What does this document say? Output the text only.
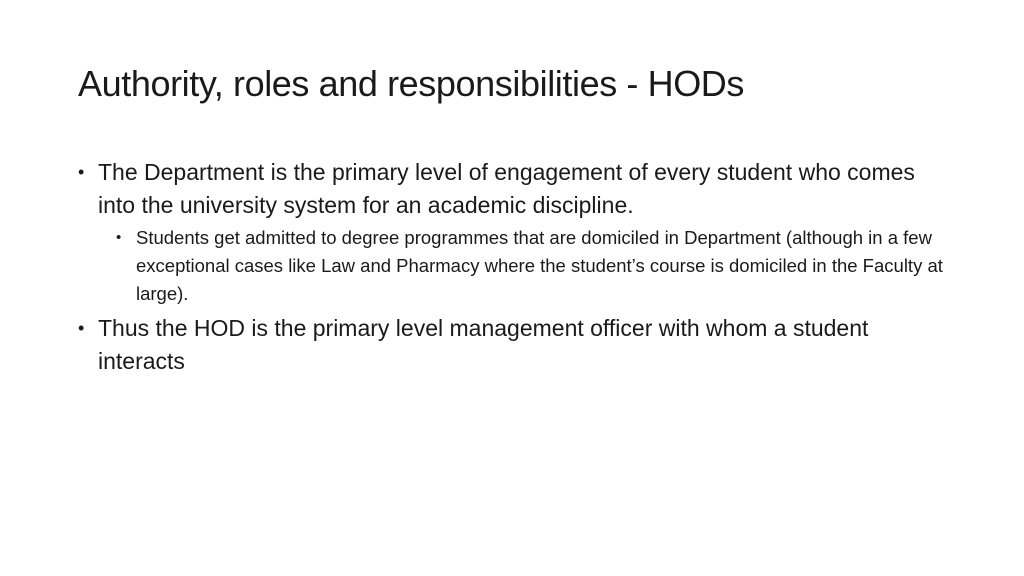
Authority, roles and responsibilities - HODs
• The Department is the primary level of engagement of every student who comes into the university system for an academic discipline.
• Students get admitted to degree programmes that are domiciled in Department (although in a few exceptional cases like Law and Pharmacy where the student’s course is domiciled in the Faculty at large).
• Thus the HOD is the primary level management officer with whom a student interacts
